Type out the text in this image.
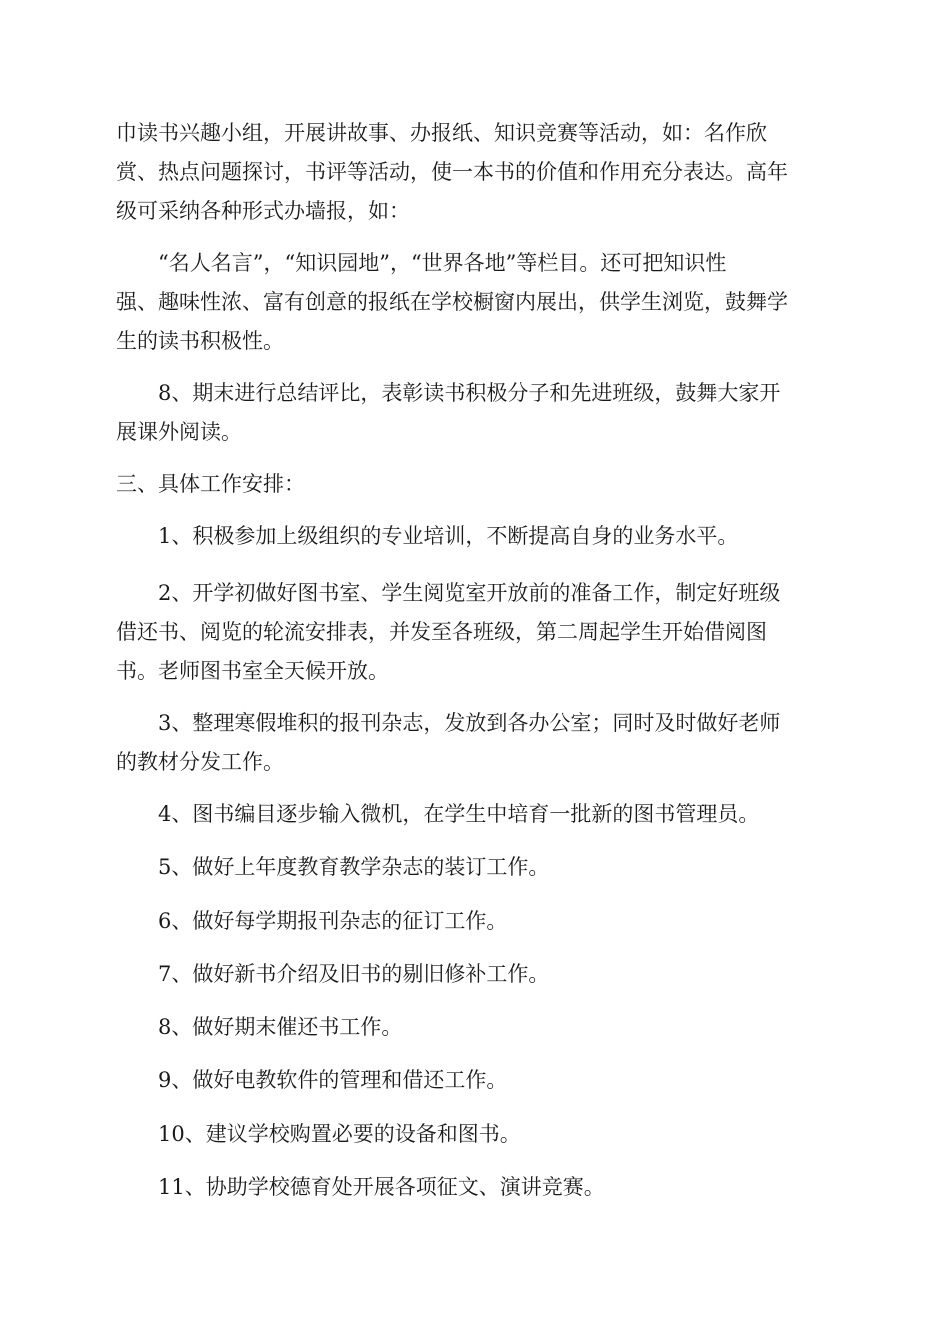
巾读书兴趣小组，开展讲故事、办报纸、知识竞赛等活动，如：名作欣
赏、热点问题探讨，书评等活动，使一本书的价值和作用充分表达。高年
级可采纳各种形式办墙报，如：
“名人名言”，“知识园地”，“世界各地”等栏目。还可把知识性
强、趣味性浓、富有创意的报纸在学校橱窗内展出，供学生浏览，鼓舞学
生的读书积极性。
8、期末进行总结评比，表彰读书积极分子和先进班级，鼓舞大家开
展课外阅读。
三、具体工作安排：
1、积极参加上级组织的专业培训，不断提高自身的业务水平。
2、开学初做好图书室、学生阅览室开放前的准备工作，制定好班级
借还书、阅览的轮流安排表，并发至各班级，第二周起学生开始借阅图
书。老师图书室全天候开放。
3、整理寒假堆积的报刊杂志，发放到各办公室；同时及时做好老师
的教材分发工作。
4、图书编目逐步输入微机，在学生中培育一批新的图书管理员。
5、做好上年度教育教学杂志的装订工作。
6、做好每学期报刊杂志的征订工作。
7、做好新书介绍及旧书的剔旧修补工作。
8、做好期末催还书工作。
9、做好电教软件的管理和借还工作。
10、建议学校购置必要的设备和图书。
11、协助学校德育处开展各项征文、演讲竞赛。
